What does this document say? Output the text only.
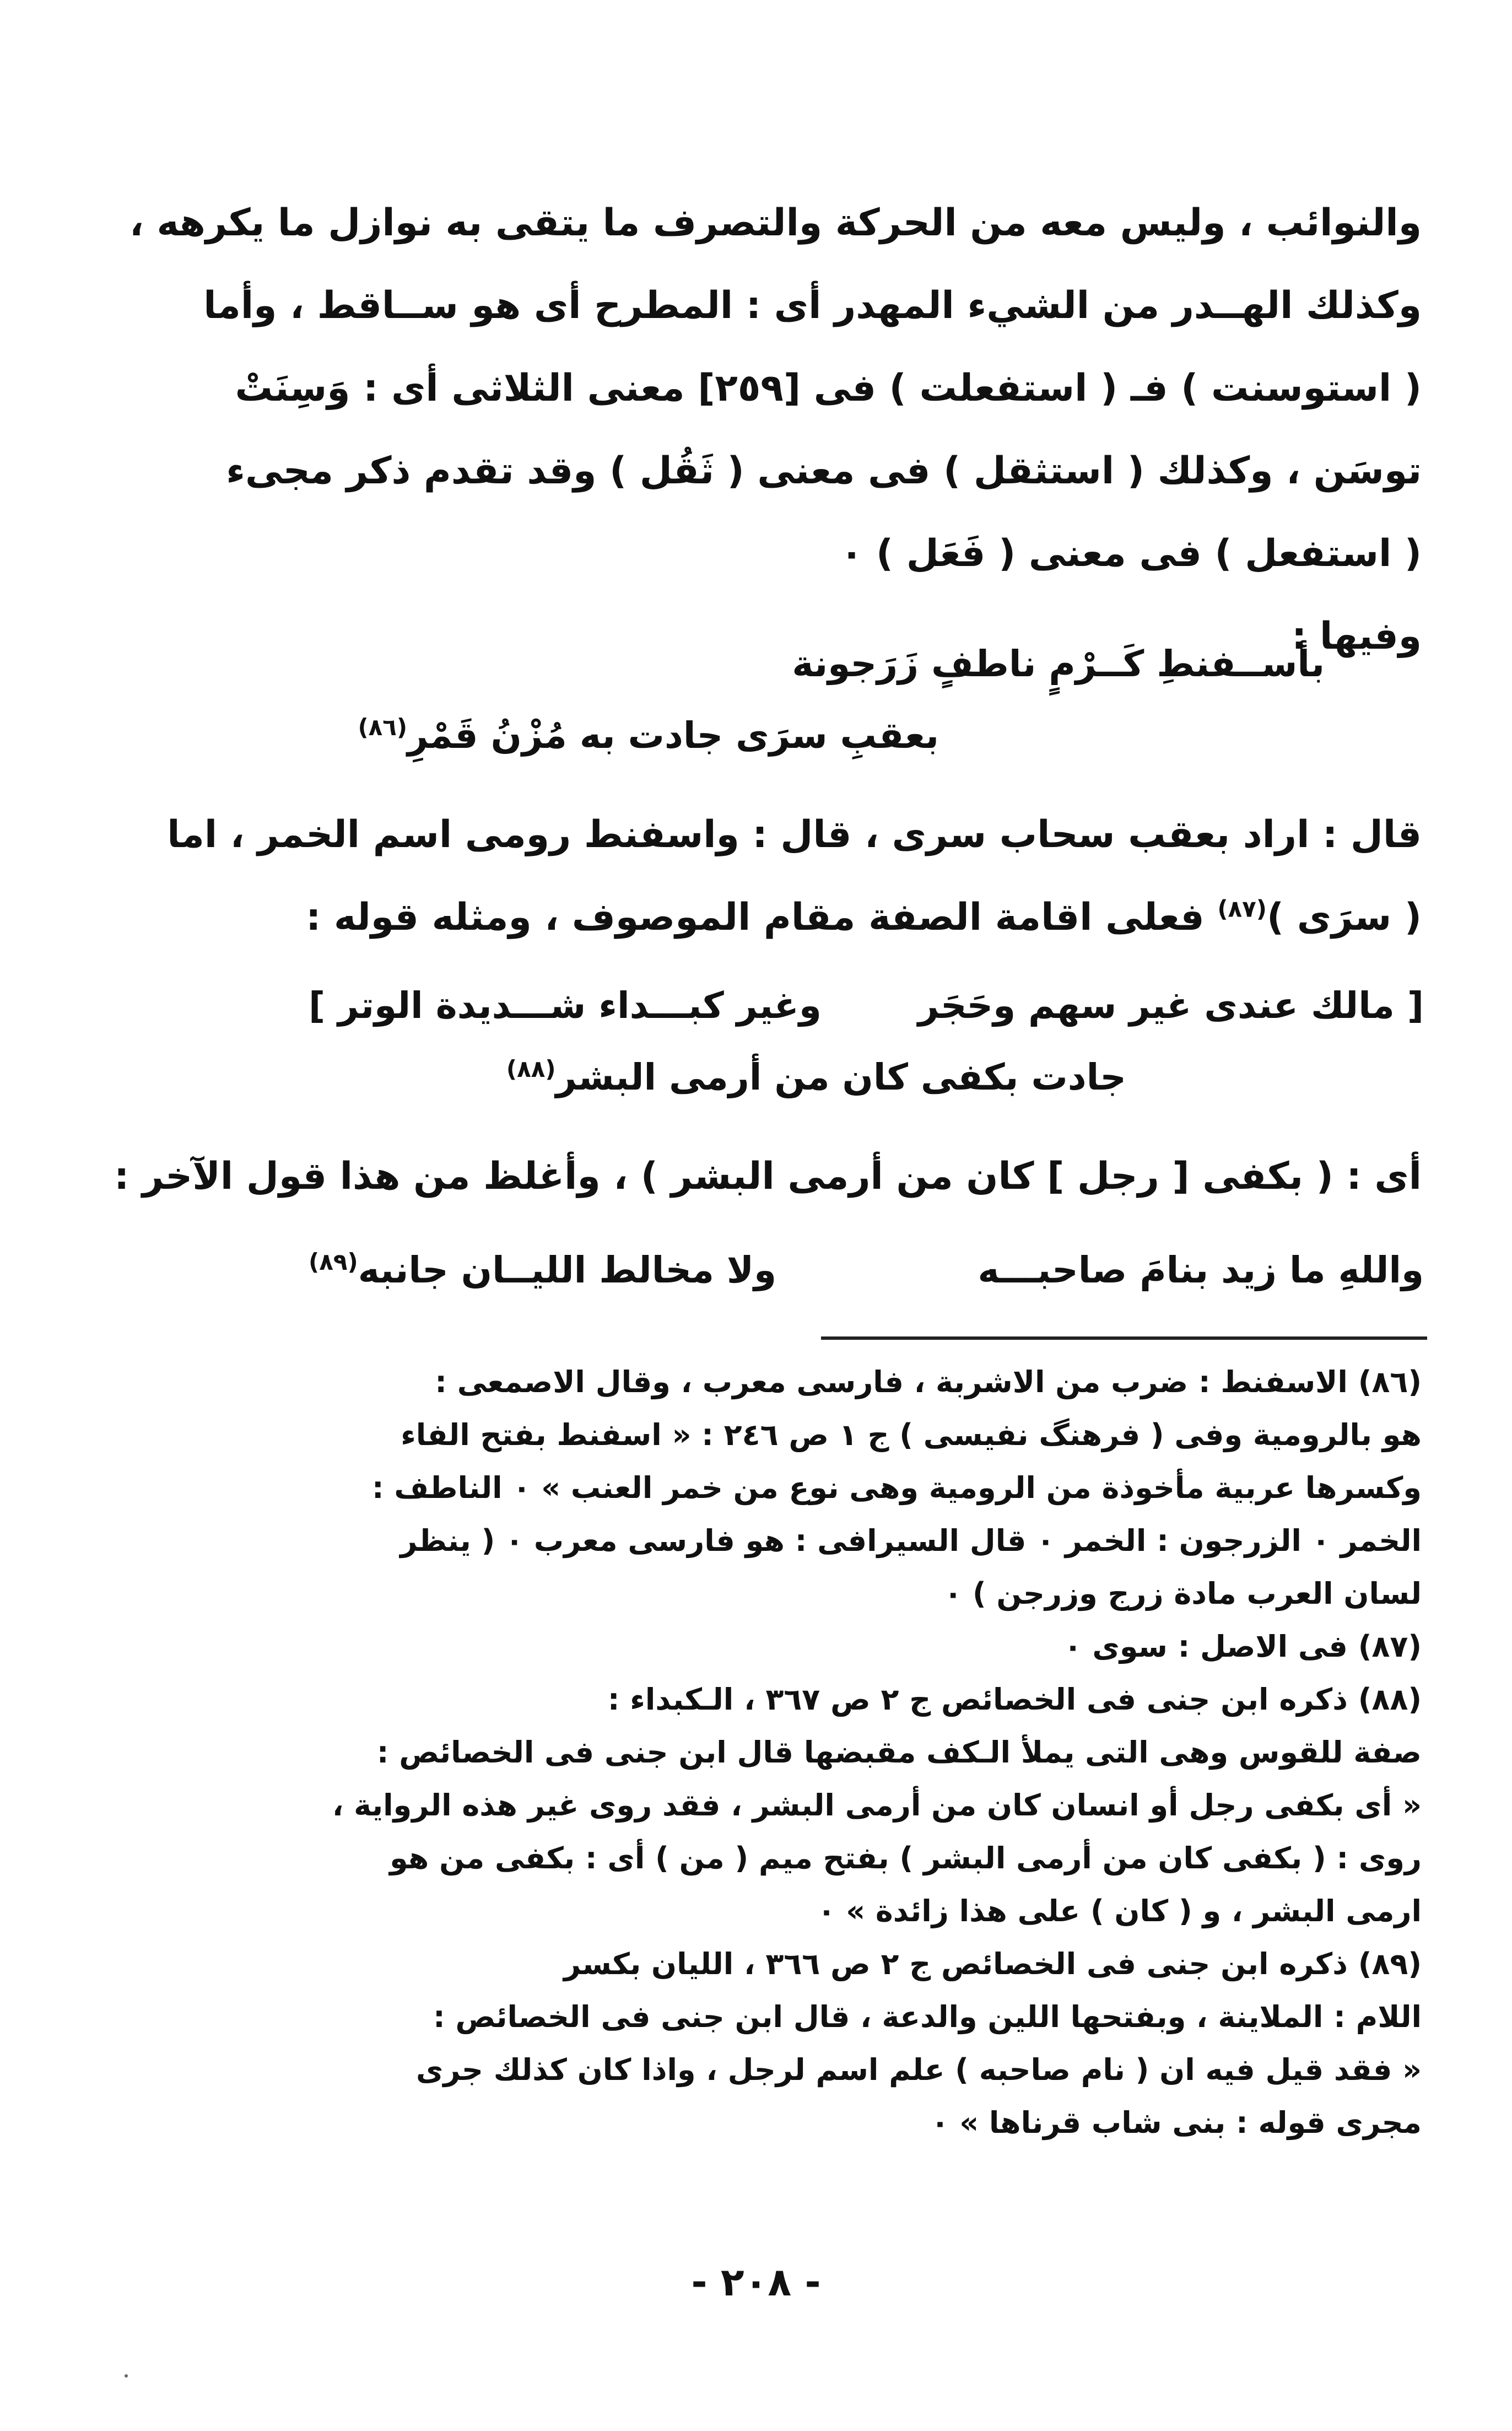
والنوائب ، وليس معه من الحركة والتصرف ما يتقى به نوازل ما يكرهه ،
وكذلك الهــدر من الشيء المهدر أى : المطرح أى هو ســاقط ، وأما
( استوسنت ) فـ ( استفعلت ) فى [٢٥٩] معنى الثلاثى أى : وَسِنَتْ
توسَن ، وكذلك ( استثقل ) فى معنى ( ثَقُل ) وقد تقدم ذكر مجىء
( استفعل ) فى معنى ( فَعَل ) ٠
وفيها :
بأســفنطِ كَــرْمٍ ناطفٍ زَرَجونة
بعقبِ سرَى جادت به مُزْنُ قَمْرِ$^{(٨٦)}$
قال : اراد بعقب سحاب سرى ، قال : واسفنط رومى اسم الخمر ، اما
( سرَى )$^{(٨٧)}$ فعلى اقامة الصفة مقام الموصوف ، ومثله قوله :
[ مالك عندى غير سهم وحَجَر
وغير كبـــداء شـــديدة الوتر ]
جادت بكفى كان من أرمى البشر$^{(٨٨)}$
أى : ( بكفى [ رجل ] كان من أرمى البشر ) ، وأغلظ من هذا قول الآخر :
واللهِ ما زيد بنامَ صاحبـــه
ولا مخالط الليــان جانبه$^{(٨٩)}$
(٨٦) الاسفنط : ضرب من الاشربة ، فارسى معرب ، وقال الاصمعى :
هو بالرومية وفى ( فرهنگ نفيسى ) ج ١ ص ٢٤٦ : « اسفنط بفتح الفاء
وكسرها عربية مأخوذة من الرومية وهى نوع من خمر العنب » ٠ الناطف :
الخمر ٠ الزرجون : الخمر ٠ قال السيرافى : هو فارسى معرب ٠ ( ينظر
لسان العرب مادة زرج وزرجن ) ٠
(٨٧) فى الاصل : سوى ٠
(٨٨) ذكره ابن جنى فى الخصائص ج ٢ ص ٣٦٧ ، الـكبداء :
صفة للقوس وهى التى يملأ الـكف مقبضها قال ابن جنى فى الخصائص :
« أى بكفى رجل أو انسان كان من أرمى البشر ، فقد روى غير هذه الرواية ،
روى : ( بكفى كان من أرمى البشر ) بفتح ميم ( من ) أى : بكفى من هو
ارمى البشر ، و ( كان ) على هذا زائدة » ٠
(٨٩) ذكره ابن جنى فى الخصائص ج ٢ ص ٣٦٦ ، الليان بكسر
اللام : الملاينة ، وبفتحها اللين والدعة ، قال ابن جنى فى الخصائص :
« فقد قيل فيه ان ( نام صاحبه ) علم اسم لرجل ، واذا كان كذلك جرى
مجرى قوله : بنى شاب قرناها » ٠
- ٢٠٨ -
